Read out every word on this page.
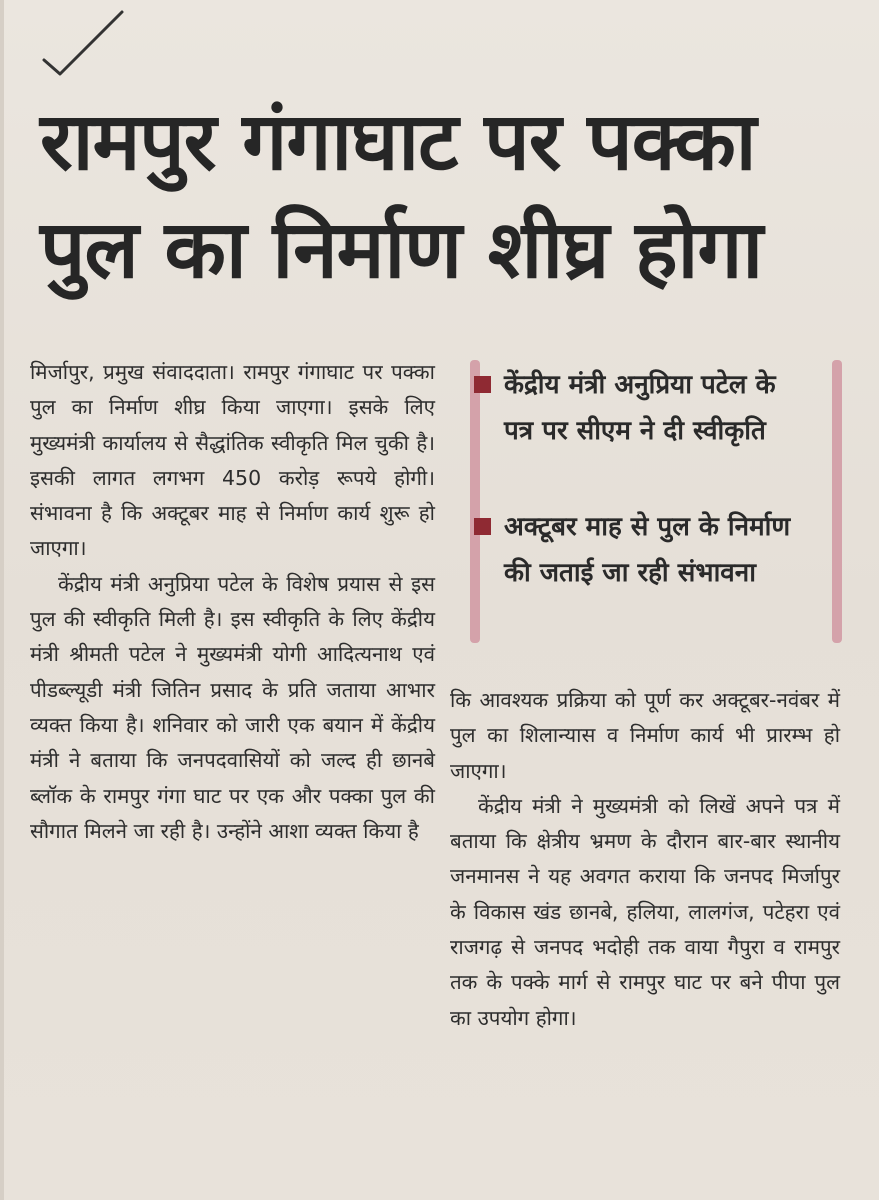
रामपुर गंगाघाट पर पक्का
पुल का निर्माण शीघ्र होगा

मिर्जापुर, प्रमुख संवाददाता। रामपुर गंगाघाट पर पक्का पुल का निर्माण शीघ्र किया जाएगा। इसके लिए मुख्यमंत्री कार्यालय से सैद्धांतिक स्वीकृति मिल चुकी है। इसकी लागत लगभग 450 करोड़ रूपये होगी। संभावना है कि अक्टूबर माह से निर्माण कार्य शुरू हो जाएगा।

केंद्रीय मंत्री अनुप्रिया पटेल के विशेष प्रयास से इस पुल की स्वीकृति मिली है। इस स्वीकृति के लिए केंद्रीय मंत्री श्रीमती पटेल ने मुख्यमंत्री योगी आदित्यनाथ एवं पीडब्ल्यूडी मंत्री जितिन प्रसाद के प्रति जताया आभार व्यक्त किया है। शनिवार को जारी एक बयान में केंद्रीय मंत्री ने बताया कि जनपदवासियों को जल्द ही छानबे ब्लॉक के रामपुर गंगा घाट पर एक और पक्का पुल की सौगात मिलने जा रही है। उन्होंने आशा व्यक्त किया है

केंद्रीय मंत्री अनुप्रिया पटेल के पत्र पर सीएम ने दी स्वीकृति
अक्टूबर माह से पुल के निर्माण की जताई जा रही संभावना

कि आवश्यक प्रक्रिया को पूर्ण कर अक्टूबर-नवंबर में पुल का शिलान्यास व निर्माण कार्य भी प्रारम्भ हो जाएगा।

केंद्रीय मंत्री ने मुख्यमंत्री को लिखें अपने पत्र में बताया कि क्षेत्रीय भ्रमण के दौरान बार-बार स्थानीय जनमानस ने यह अवगत कराया कि जनपद मिर्जापुर के विकास खंड छानबे, हलिया, लालगंज, पटेहरा एवं राजगढ़ से जनपद भदोही तक वाया गैपुरा व रामपुर तक के पक्के मार्ग से रामपुर घाट पर बने पीपा पुल का उपयोग होगा।
